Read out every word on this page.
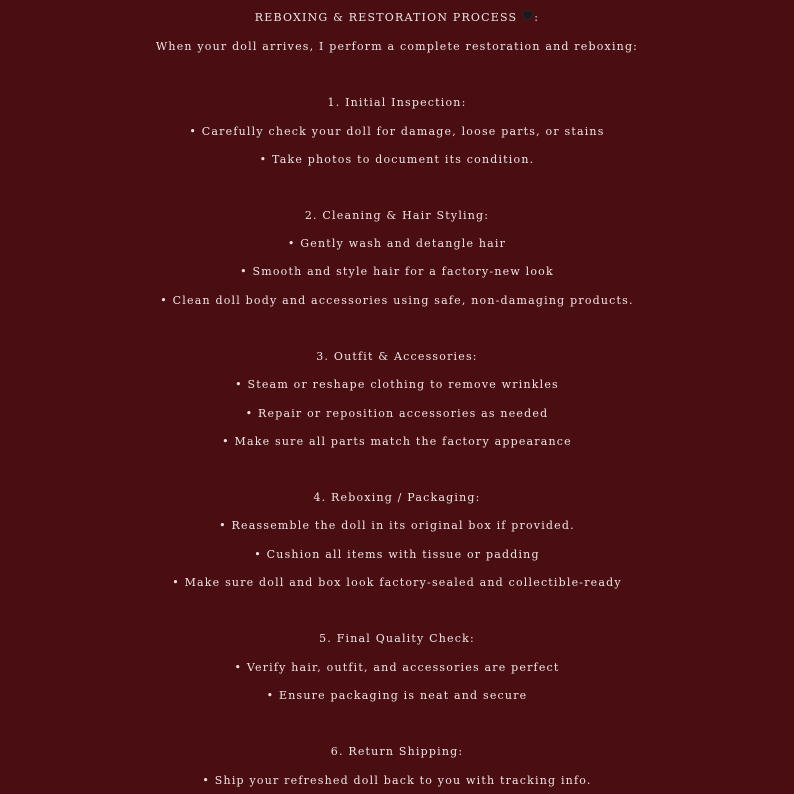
REBOXING & RESTORATION PROCESS :
When your doll arrives, I perform a complete restoration and reboxing:
1. Initial Inspection:
• Carefully check your doll for damage, loose parts, or stains
• Take photos to document its condition.
2. Cleaning & Hair Styling:
• Gently wash and detangle hair
• Smooth and style hair for a factory-new look
• Clean doll body and accessories using safe, non-damaging products.
3. Outfit & Accessories:
• Steam or reshape clothing to remove wrinkles
• Repair or reposition accessories as needed
• Make sure all parts match the factory appearance
4. Reboxing / Packaging:
• Reassemble the doll in its original box if provided.
• Cushion all items with tissue or padding
• Make sure doll and box look factory-sealed and collectible-ready
5. Final Quality Check:
• Verify hair, outfit, and accessories are perfect
• Ensure packaging is neat and secure
6. Return Shipping:
• Ship your refreshed doll back to you with tracking info.
